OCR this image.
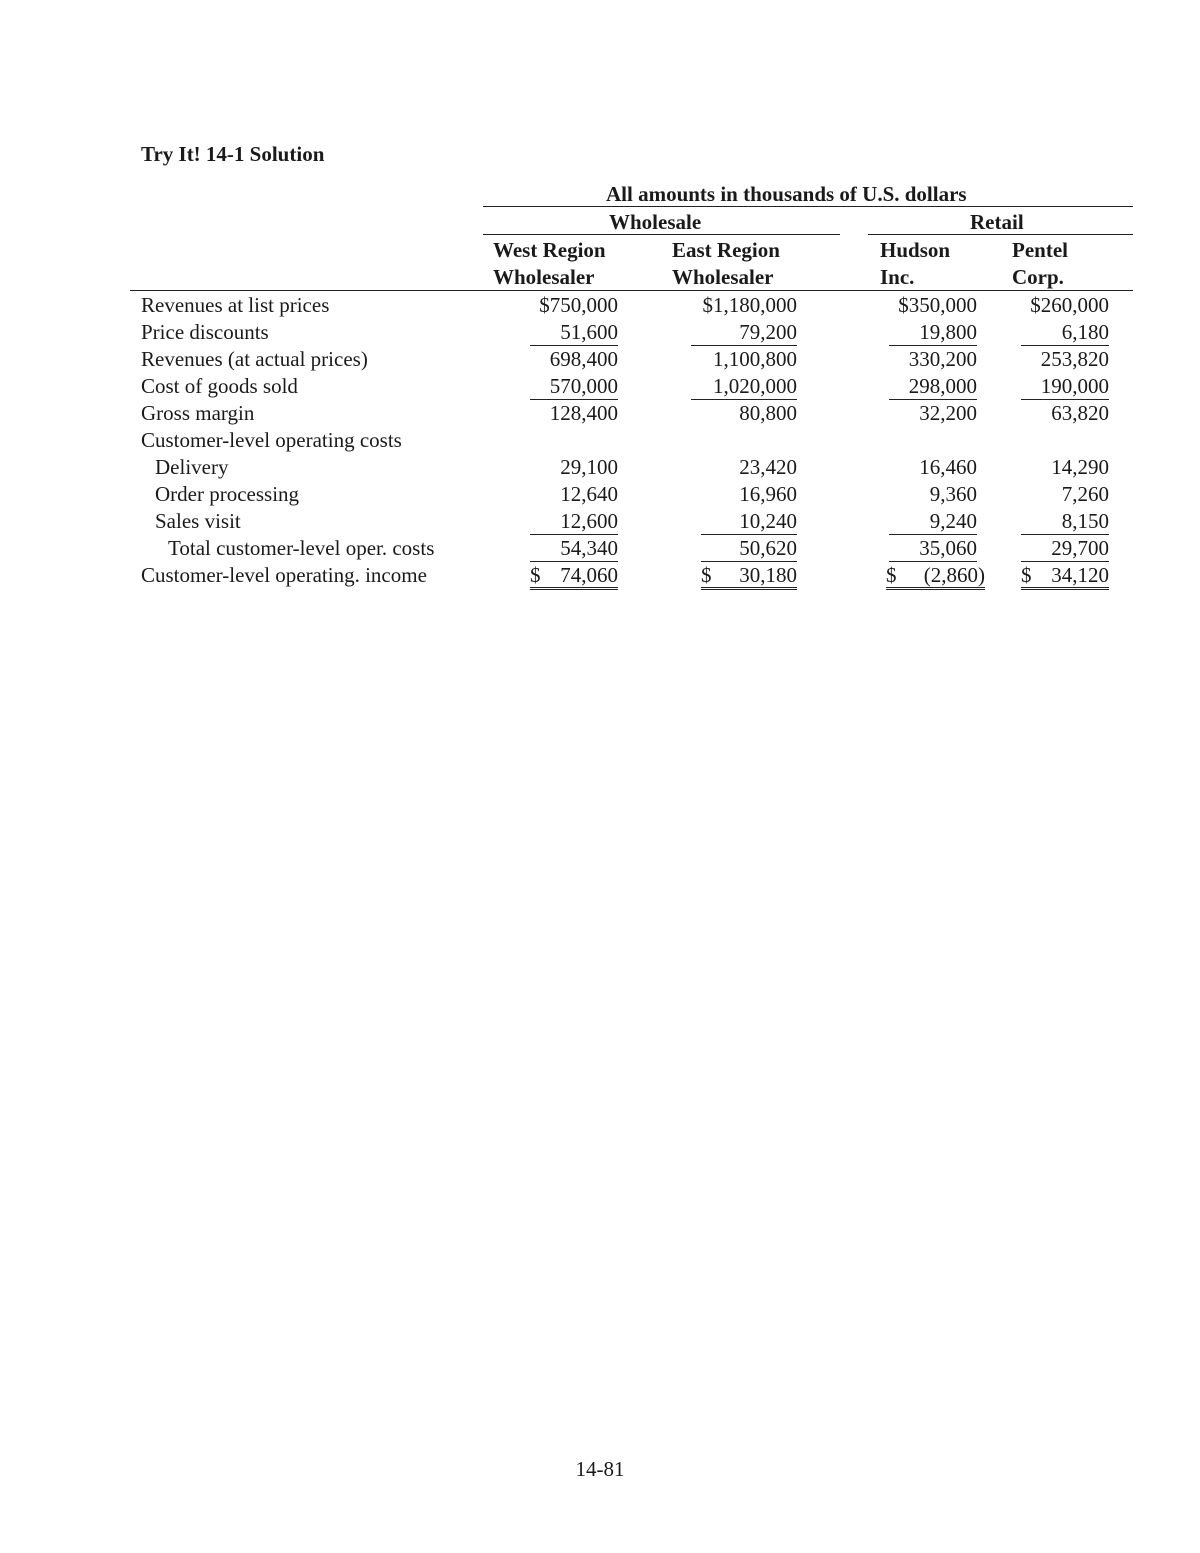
Try It! 14-1 Solution
All amounts in thousands of U.S. dollars
Wholesale	Retail
West Region
Wholesaler
East Region
Wholesaler
Hudson
Inc.
Pentel
Corp.
Revenues at list prices
Price discounts
Revenues (at actual prices)
Cost of goods sold
Gross margin
Customer-level operating costs
Delivery
Order processing
Sales visit
Total customer-level oper. costs
Customer-level operating. income
$750,000
51,600
698,400
570,000
128,400
29,100
12,640
12,600
54,340
$ 74,060
$1,180,000
79,200
1,100,800
1,020,000
80,800
23,420
16,960
10,240
50,620
$ 30,180
$350,000
19,800
330,200
298,000
32,200
16,460
9,360
9,240
35,060
$ (2,860)
$260,000
6,180
253,820
190,000
63,820
14,290
7,260
8,150
29,700
$ 34,120
14-81
